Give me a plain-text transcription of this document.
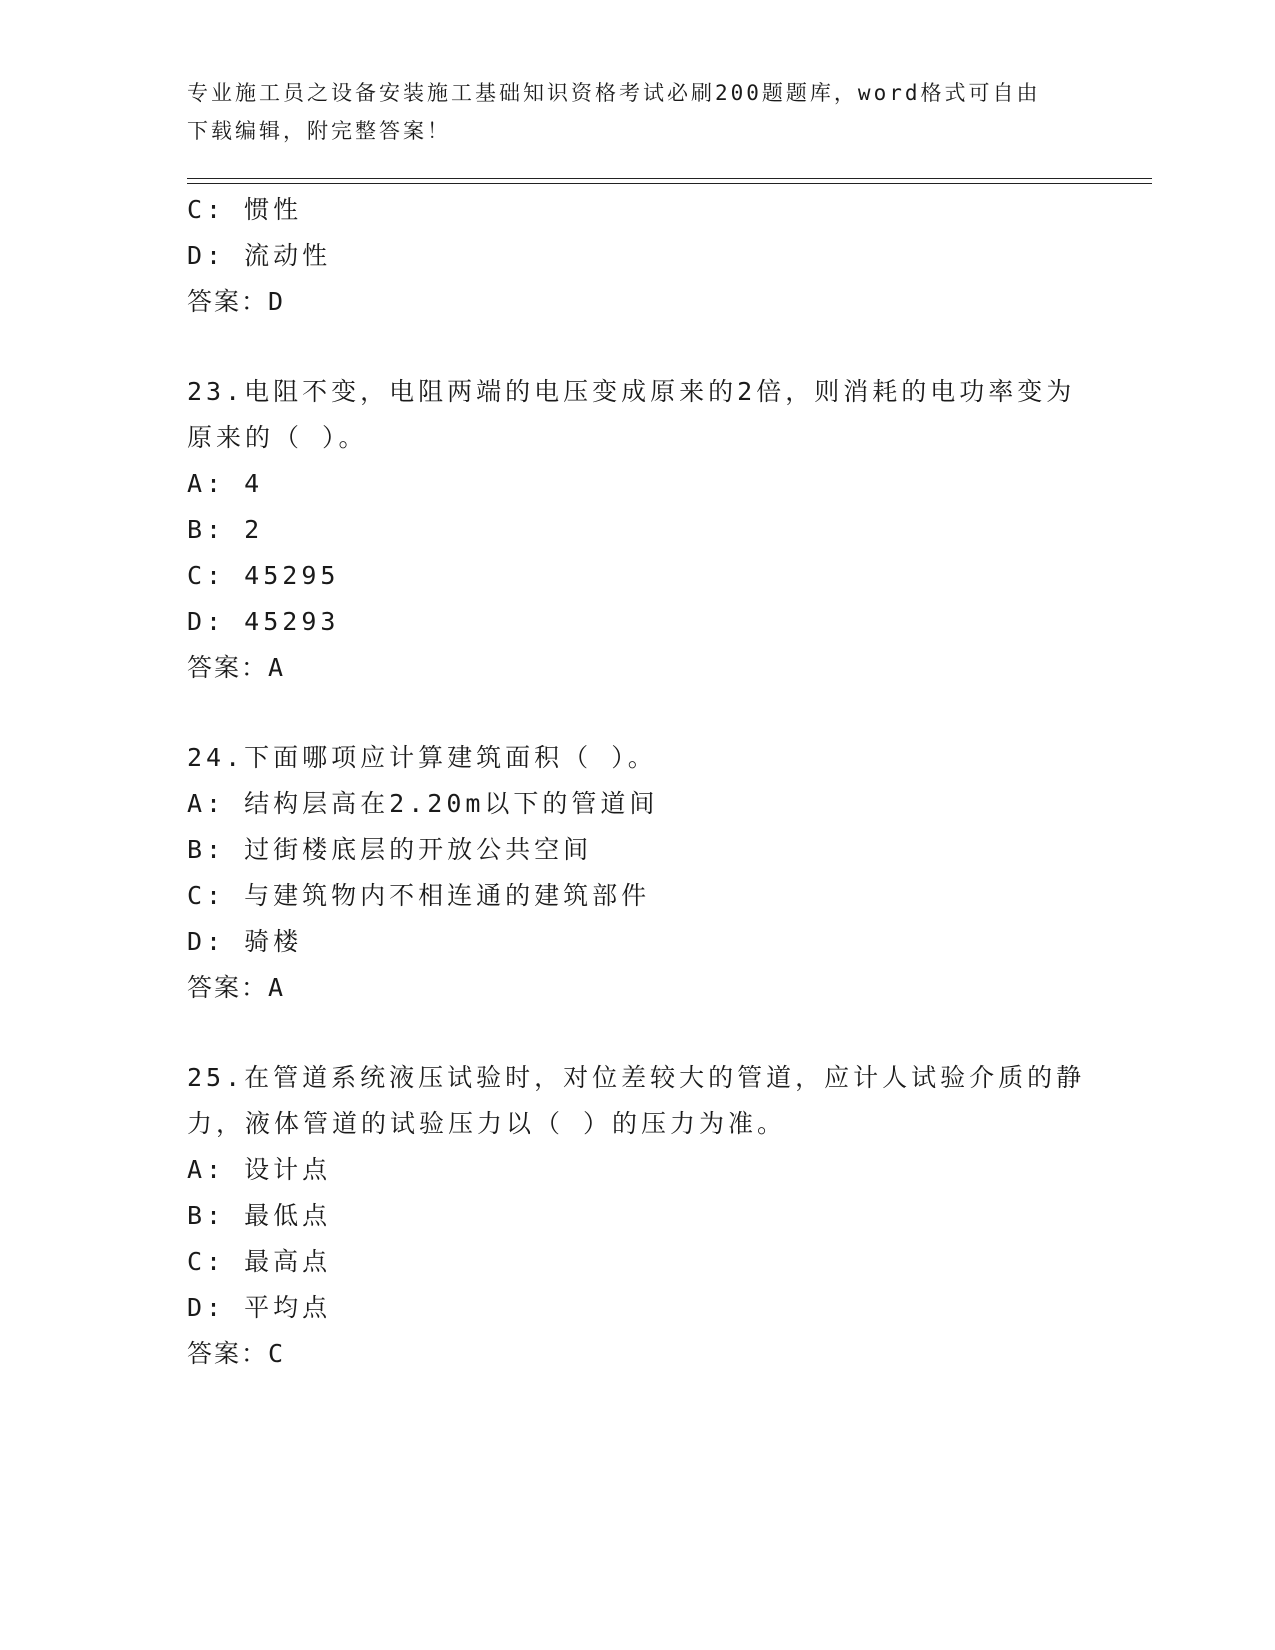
专业施工员之设备安装施工基础知识资格考试必刷200题题库，word格式可自由
下载编辑，附完整答案！
C: 惯性
D: 流动性
答案：D
23.电阻不变，电阻两端的电压变成原来的2倍，则消耗的电功率变为
原来的（ ）。
A: 4
B: 2
C: 45295
D: 45293
答案：A
24.下面哪项应计算建筑面积（ ）。
A: 结构层高在2.20m以下的管道间
B: 过街楼底层的开放公共空间
C: 与建筑物内不相连通的建筑部件
D: 骑楼
答案：A
25.在管道系统液压试验时，对位差较大的管道，应计人试验介质的静
力，液体管道的试验压力以（ ）的压力为准。
A: 设计点
B: 最低点
C: 最高点
D: 平均点
答案：C
